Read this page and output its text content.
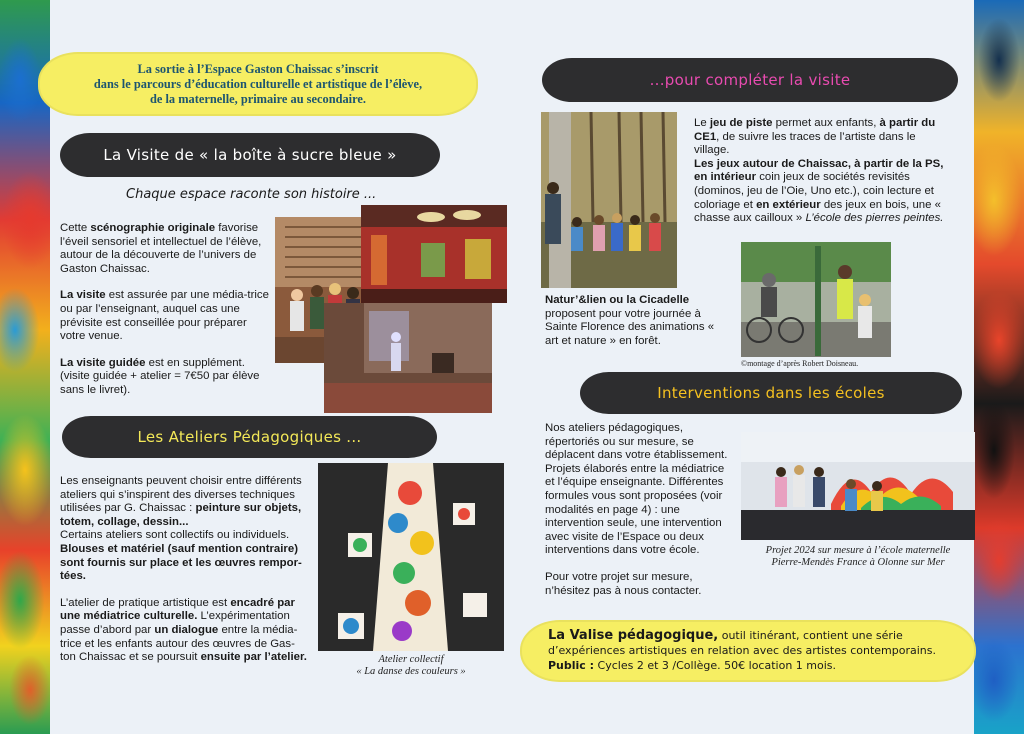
La sortie à l’Espace Gaston Chaissac s’inscrit
dans le parcours d’éducation culturelle et artistique de l’élève,
de la maternelle, primaire au secondaire.
La Visite de « la boîte à sucre bleue »
Chaque espace raconte son histoire ...

Cette scénographie originale favorise l’éveil sensoriel et intellectuel de l’élève, autour de la découverte de l’univers de Gaston Chaissac.

La visite est assurée par une média-trice ou par l’enseignant, auquel cas une prévisite est conseillée pour préparer votre venue.

La visite guidée est en supplément. (visite guidée + atelier = 7€50 par élève sans le livret).

Les Ateliers Pédagogiques ...

Les enseignants peuvent choisir entre différents ateliers qui s’inspirent des diverses techniques utilisées par G. Chaissac : peinture sur objets, totem, collage, dessin...

Certains ateliers sont collectifs ou individuels.
Blouses et matériel (sauf mention contraire) sont fournis sur place et les œuvres rempor-tées.

L’atelier de pratique artistique est encadré par une médiatrice culturelle. L’expérimentation passe d’abord par un dialogue entre la média-trice et les enfants autour des œuvres de Gas-ton Chaissac et se poursuit ensuite par l’atelier.	Atelier collectif
« La danse des couleurs »
...pour compléter la visite

Le jeu de piste permet aux enfants, à partir du CE1, de suivre les traces de l’artiste dans le village.

Les jeux autour de Chaissac, à partir de la PS, en intérieur coin jeux de sociétés revisités (dominos, jeu de l’Oie, Uno etc.), coin lecture et coloriage et en extérieur des jeux en bois, une « chasse aux cailloux » L’école des pierres peintes.

©montage d’après Robert Doisneau.

Natur’&lien ou la Cicadelle proposent pour votre journée à Sainte Florence des animations « art et nature » en forêt.

Interventions dans les écoles

Nos ateliers pédagogiques, répertoriés ou sur mesure, se déplacent dans votre établissement. Projets élaborés entre la médiatrice et l’équipe enseignante. Différentes formules vous sont proposées (voir modalités en page 4) : une intervention seule, une intervention avec visite de l’Espace ou deux interventions dans votre école.

Pour votre projet sur mesure, n’hésitez pas à nous contacter.

Projet 2024 sur mesure à l’école maternelle
Pierre-Mendès France à Olonne sur Mer
La Valise pédagogique, outil itinérant, contient une série d’expériences artistiques en relation avec des artistes contemporains.
Public : Cycles 2 et 3 /Collège. 50€ location 1 mois.
